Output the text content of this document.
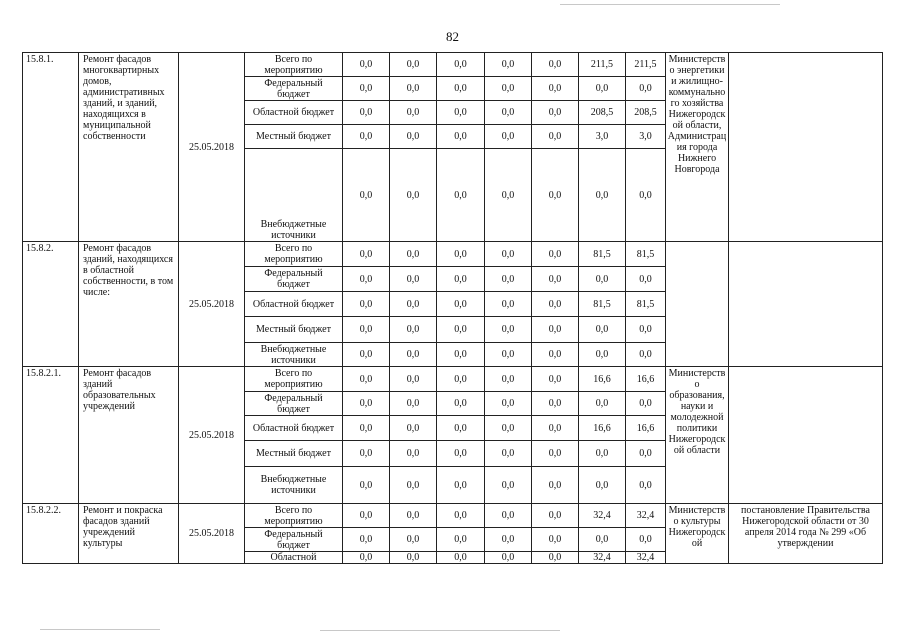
82
15.8.1.	Ремонт фасадов многоквартирных домов, административных зданий, и зданий, находящихся в муниципальной собственности	25.05.2018	Всего по мероприятию	0,0	0,0	0,0	0,0	0,0	211,5	211,5	Министерство энергетики и жилищно-коммунального хозяйства Нижегородской области, Администрация города Нижнего Новгорода	
			Федеральный бюджет	0,0	0,0	0,0	0,0	0,0	0,0	0,0		
			Областной бюджет	0,0	0,0	0,0	0,0	0,0	208,5	208,5		
			Местный бюджет	0,0	0,0	0,0	0,0	0,0	3,0	3,0		
			Внебюджетные источники	0,0	0,0	0,0	0,0	0,0	0,0	0,0		
15.8.2.	Ремонт фасадов зданий, находящихся в областной собственности, в том числе:	25.05.2018	Всего по мероприятию	0,0	0,0	0,0	0,0	0,0	81,5	81,5		
			Федеральный бюджет	0,0	0,0	0,0	0,0	0,0	0,0	0,0		
			Областной бюджет	0,0	0,0	0,0	0,0	0,0	81,5	81,5		
			Местный бюджет	0,0	0,0	0,0	0,0	0,0	0,0	0,0		
			Внебюджетные источники	0,0	0,0	0,0	0,0	0,0	0,0	0,0		
15.8.2.1.	Ремонт фасадов зданий образовательных учреждений	25.05.2018	Всего по мероприятию	0,0	0,0	0,0	0,0	0,0	16,6	16,6	Министерство образования, науки и молодежной политики Нижегородской области	
			Федеральный бюджет	0,0	0,0	0,0	0,0	0,0	0,0	0,0		
			Областной бюджет	0,0	0,0	0,0	0,0	0,0	16,6	16,6		
			Местный бюджет	0,0	0,0	0,0	0,0	0,0	0,0	0,0		
			Внебюджетные источники	0,0	0,0	0,0	0,0	0,0	0,0	0,0		
15.8.2.2.	Ремонт и покраска фасадов зданий учреждений культуры	25.05.2018	Всего по мероприятию	0,0	0,0	0,0	0,0	0,0	32,4	32,4	Министерство культуры Нижегородской	постановление Правительства Нижегородской области от 30 апреля 2014 года № 299 «Об утверждении
			Федеральный бюджет	0,0	0,0	0,0	0,0	0,0	0,0	0,0		
			Областной	0,0	0,0	0,0	0,0	0,0	32,4	32,4		
